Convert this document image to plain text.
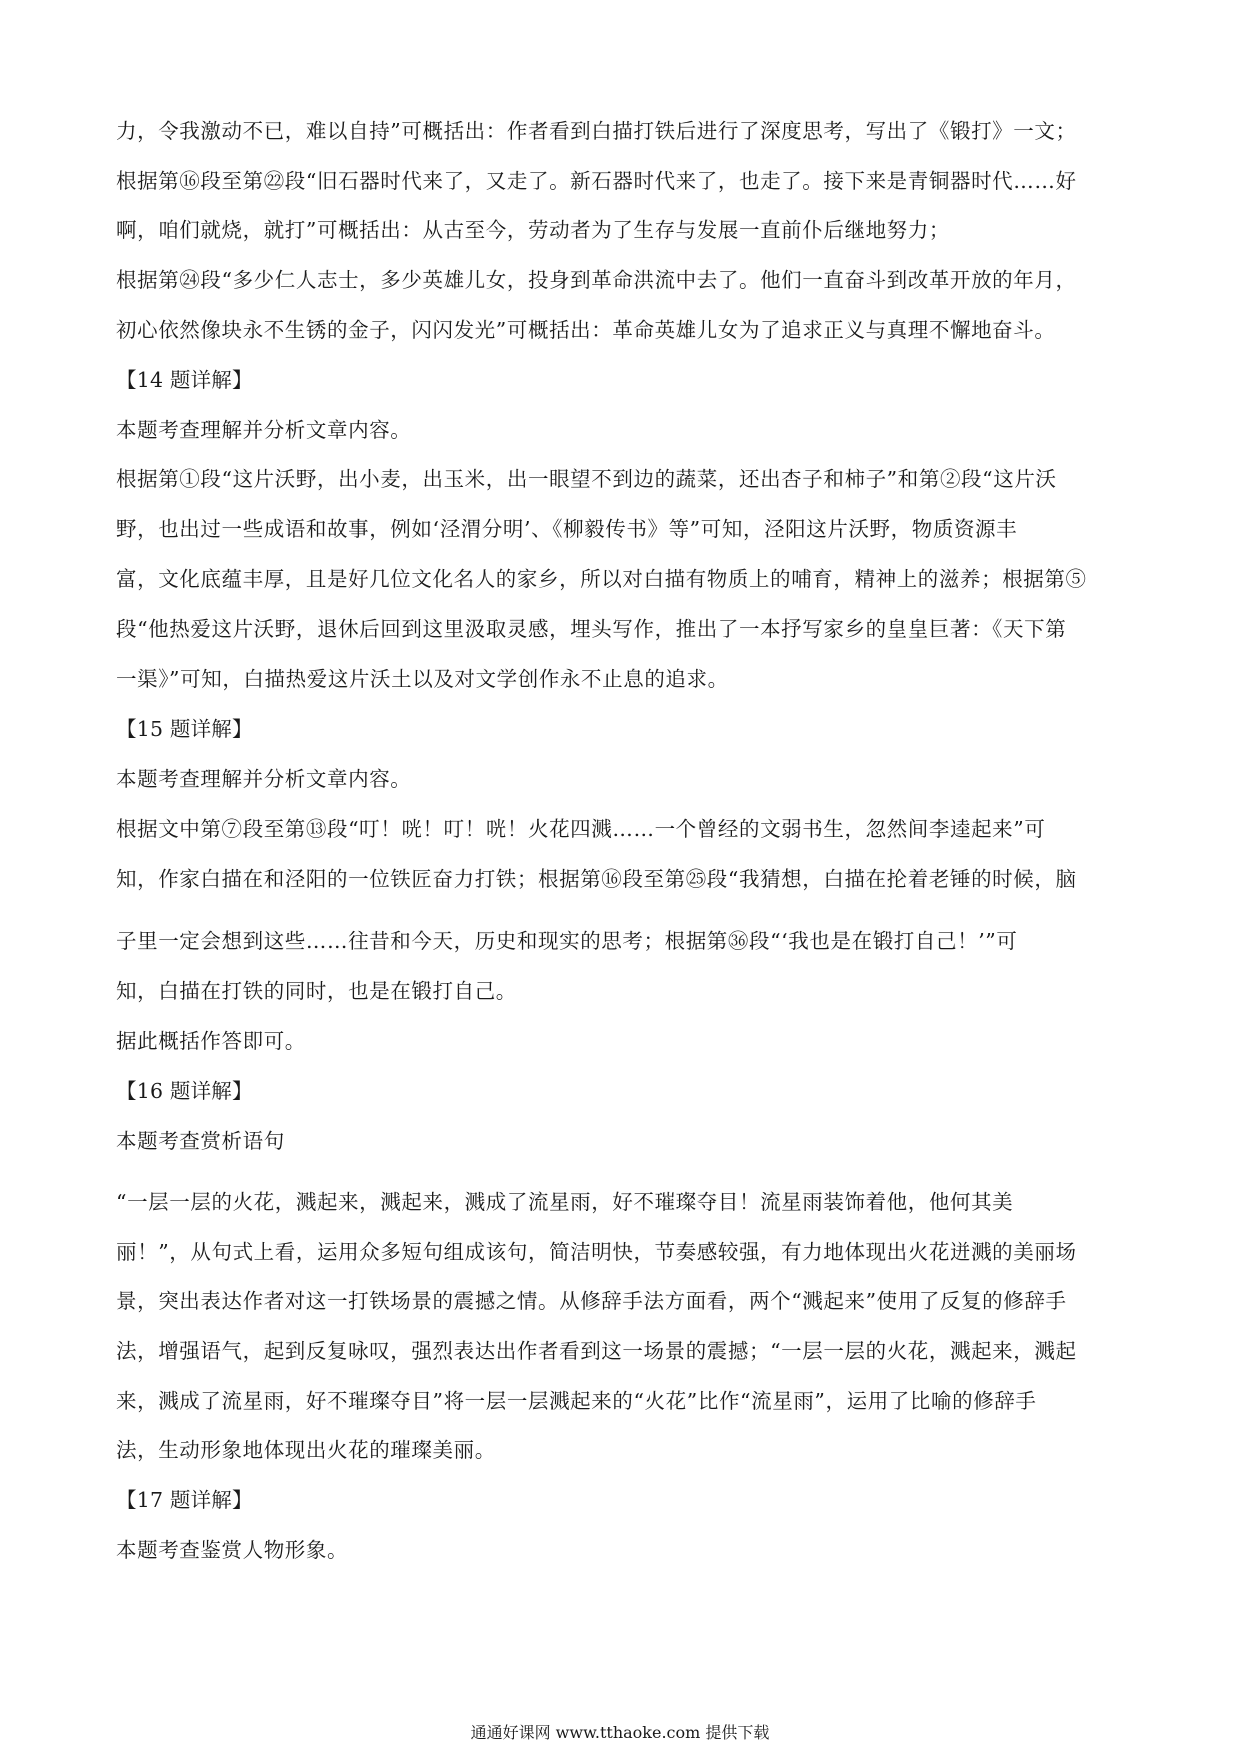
力，令我激动不已，难以自持”可概括出：作者看到白描打铁后进行了深度思考，写出了《锻打》一文；

根据第⑯段至第㉒段“旧石器时代来了，又走了。新石器时代来了，也走了。接下来是青铜器时代……好

啊，咱们就烧，就打”可概括出：从古至今，劳动者为了生存与发展一直前仆后继地努力；

根据第㉔段“多少仁人志士，多少英雄儿女，投身到革命洪流中去了。他们一直奋斗到改革开放的年月，

初心依然像块永不生锈的金子，闪闪发光”可概括出：革命英雄儿女为了追求正义与真理不懈地奋斗。

【14 题详解】

本题考查理解并分析文章内容。

根据第①段“这片沃野，出小麦，出玉米，出一眼望不到边的蔬菜，还出杏子和柿子”和第②段“这片沃

野，也出过一些成语和故事，例如‘泾渭分明’、《柳毅传书》等”可知，泾阳这片沃野，物质资源丰

富，文化底蕴丰厚，且是好几位文化名人的家乡，所以对白描有物质上的哺育，精神上的滋养；根据第⑤

段“他热爱这片沃野，退休后回到这里汲取灵感，埋头写作，推出了一本抒写家乡的皇皇巨著：《天下第

一渠》”可知，白描热爱这片沃土以及对文学创作永不止息的追求。

【15 题详解】

本题考查理解并分析文章内容。

根据文中第⑦段至第⑬段“叮！咣！叮！咣！火花四溅……一个曾经的文弱书生，忽然间李逵起来”可

知，作家白描在和泾阳的一位铁匠奋力打铁；根据第⑯段至第㉕段“我猜想，白描在抡着老锤的时候，脑

子里一定会想到这些……往昔和今天，历史和现实的思考；根据第㊱段“‘我也是在锻打自己！’”可

知，白描在打铁的同时，也是在锻打自己。

据此概括作答即可。

【16 题详解】

本题考查赏析语句

“一层一层的火花，溅起来，溅起来，溅成了流星雨，好不璀璨夺目！流星雨装饰着他，他何其美

丽！”，从句式上看，运用众多短句组成该句，简洁明快，节奏感较强，有力地体现出火花迸溅的美丽场

景，突出表达作者对这一打铁场景的震撼之情。从修辞手法方面看，两个“溅起来”使用了反复的修辞手

法，增强语气，起到反复咏叹，强烈表达出作者看到这一场景的震撼；“一层一层的火花，溅起来，溅起

来，溅成了流星雨，好不璀璨夺目”将一层一层溅起来的“火花”比作“流星雨”，运用了比喻的修辞手

法，生动形象地体现出火花的璀璨美丽。

【17 题详解】

本题考查鉴赏人物形象。

通通好课网 www.tthaoke.com 提供下载
